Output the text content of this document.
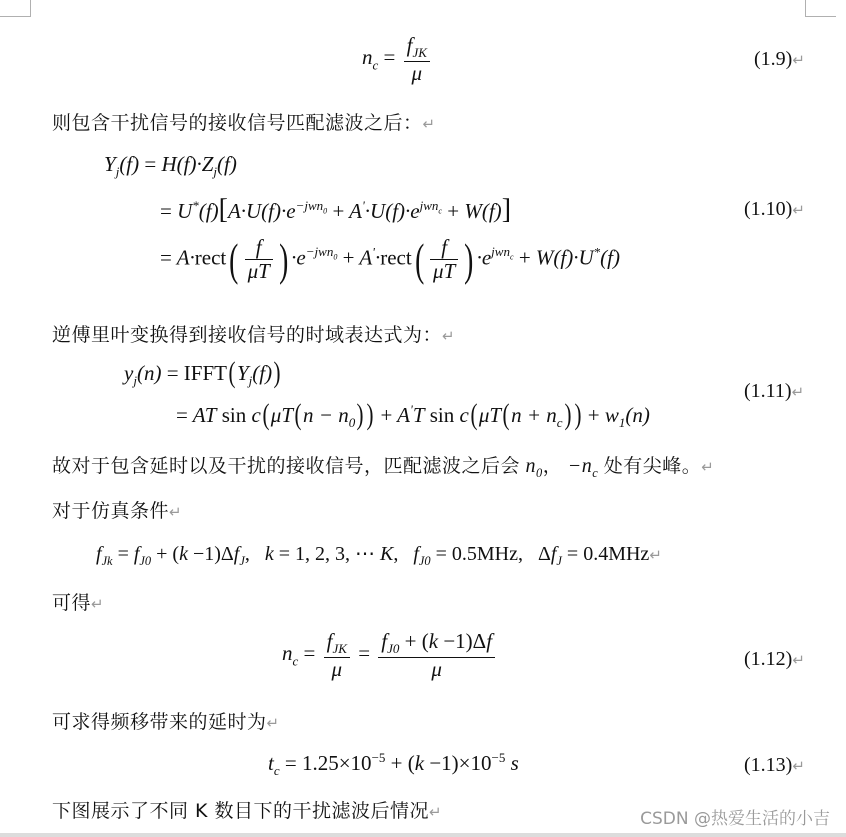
$n_c = \frac{f_{JK}}{\mu}$	(1.9)↵
则包含干扰信号的接收信号匹配滤波之后：↵
$Y_j(f) = H(f)\cdot Z_j(f)$
= $U^*(f)[A\cdot U(f)\cdot e^{-jwn_0} + A'\cdot U(f)\cdot e^{jwn_c} + W(f)]$	(1.10)↵
= A·rect( $\frac{f}{\mu T}$ ) $\cdot e^{-jwn_0}$ + A'·rect( $\frac{f}{\mu T}$ ) $\cdot e^{jwn_c} + W(f)\cdot U^*(f)$
逆傅里叶变换得到接收信号的时域表达式为：↵
$y_j(n)$ = $IFFT(Y_j(f))$
(1.11)↵
= AT $\sin c(\mu T(n - n_0)$ ) + A'T $\sin c(\mu T(n + n_c)$ ) + $w_1(n)$
故对于包含延时以及干扰的接收信号，匹配滤波之后会 $n_0$， $-n_c$ 处有尖峰。↵
对于仿真条件↵
$f_{Jk} = f_{J0} + (k -1)\Delta f_J$,   k = 1, 2, 3, ⋯ K,   $f_{J0} = 0.5MHz$,   $\Delta f_J$ = 0.4MHz↵
可得↵
$n_c = \frac{f_{JK}}{\mu} = \frac{f_{J0} + (k -1)\Delta f}{\mu}$	(1.12)↵
可求得频移带来的延时为↵
$t_c = 1.25\times 10^{-5} + (k -1)\times 10^{-5}$ s	(1.13)↵
下图展示了不同 K 数目下的干扰滤波后情况↵	CSDN @热爱生活的小吉
